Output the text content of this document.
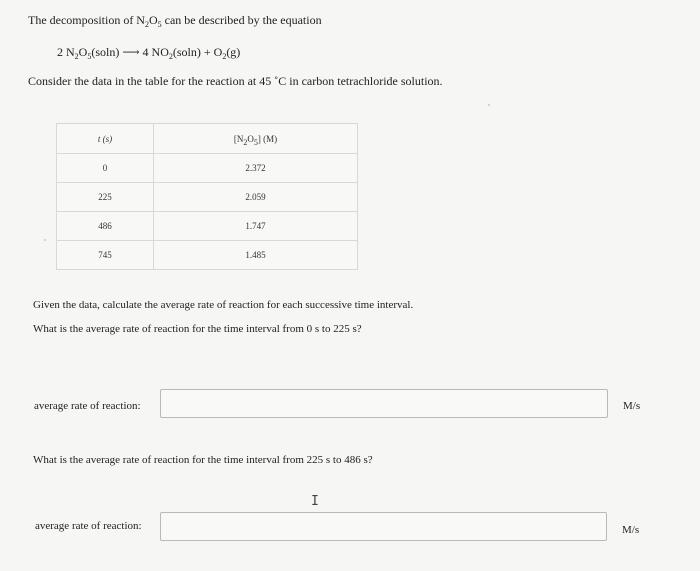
The decomposition of $N_2O_5$ can be described by the equation
2 $N_2O_5(soln)$ ⟶ 4 $NO_2(soln) + O_2(g)$
Consider the data in the table for the reaction at 45 ˚C in carbon tetrachloride solution.
t (s)	$[N_2O_5]$ (M)
0	2.372
225	2.059
486	1.747
745	1.485
Given the data, calculate the average rate of reaction for each successive time interval.
What is the average rate of reaction for the time interval from 0 s to 225 s?
average rate of reaction:	M/s
What is the average rate of reaction for the time interval from 225 s to 486 s?
I
average rate of reaction:	M/s
